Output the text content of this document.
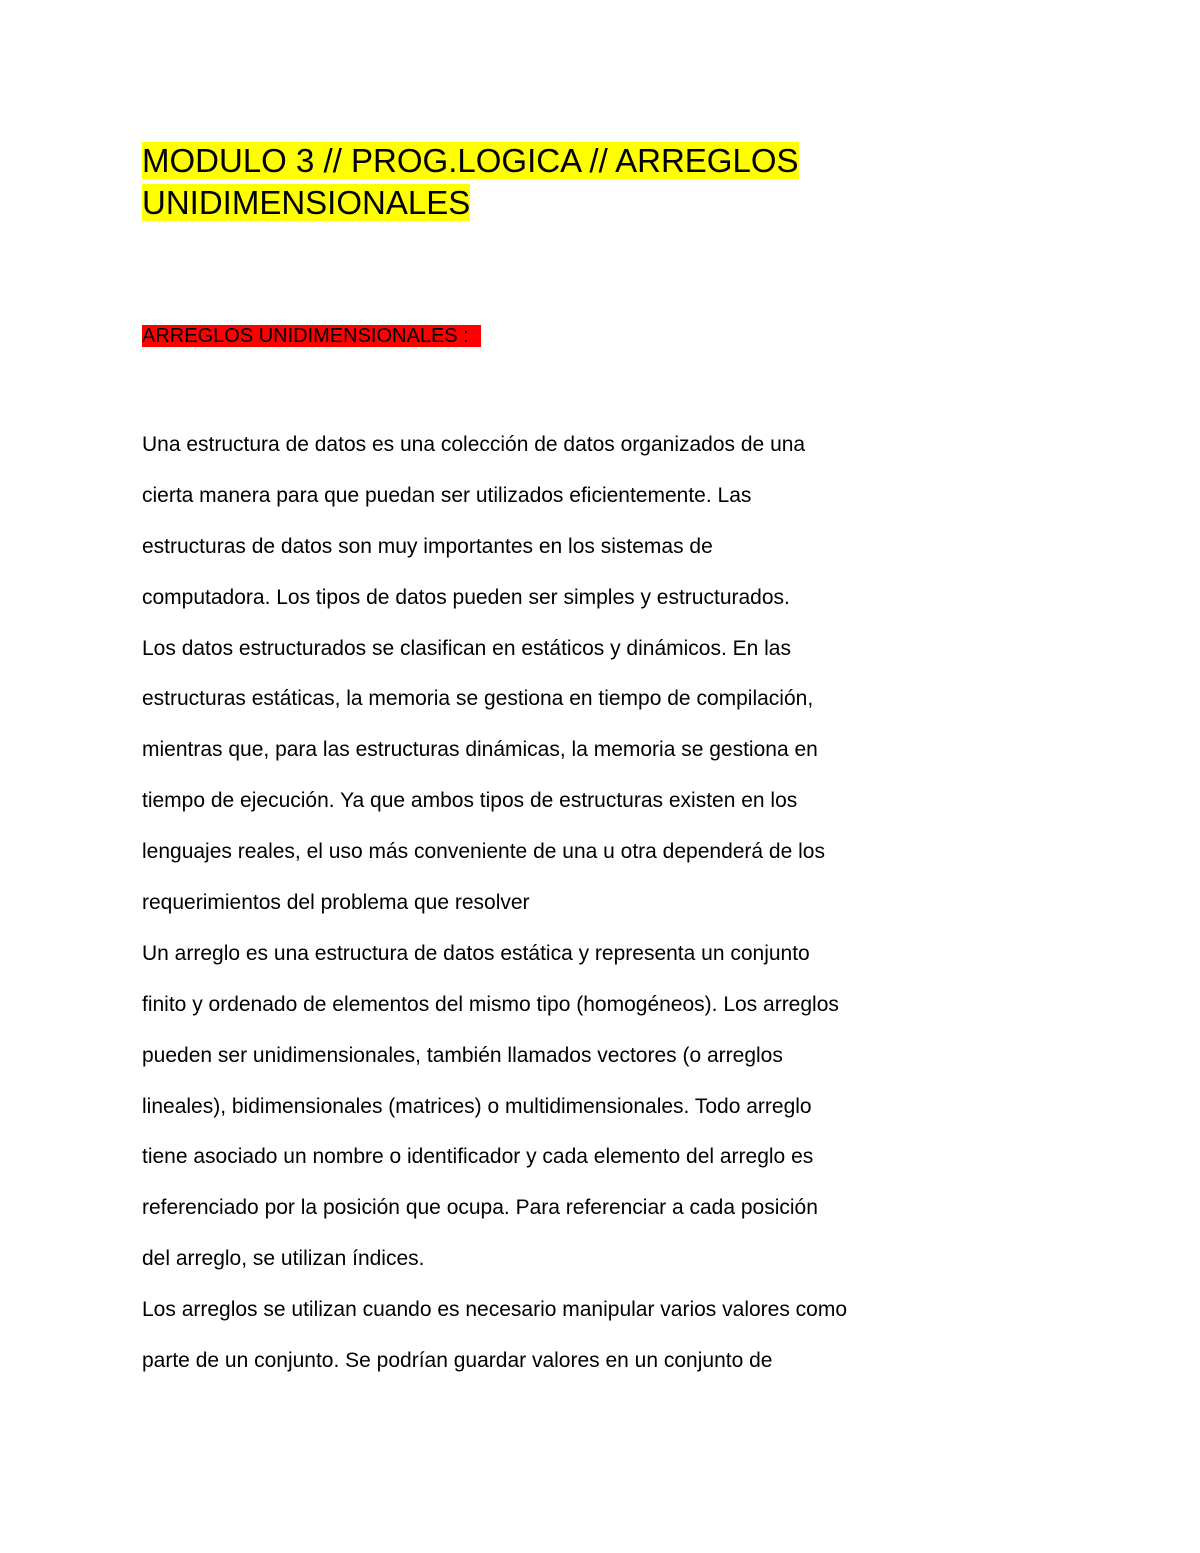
MODULO 3 // PROG.LOGICA // ARREGLOS
UNIDIMENSIONALES
ARREGLOS UNIDIMENSIONALES :
Una estructura de datos es una colección de datos organizados de una
cierta manera para que puedan ser utilizados eficientemente. Las
estructuras de datos son muy importantes en los sistemas de
computadora. Los tipos de datos pueden ser simples y estructurados.
Los datos estructurados se clasifican en estáticos y dinámicos. En las
estructuras estáticas, la memoria se gestiona en tiempo de compilación,
mientras que, para las estructuras dinámicas, la memoria se gestiona en
tiempo de ejecución. Ya que ambos tipos de estructuras existen en los
lenguajes reales, el uso más conveniente de una u otra dependerá de los
requerimientos del problema que resolver
Un arreglo es una estructura de datos estática y representa un conjunto
finito y ordenado de elementos del mismo tipo (homogéneos). Los arreglos
pueden ser unidimensionales, también llamados vectores (o arreglos
lineales), bidimensionales (matrices) o multidimensionales. Todo arreglo
tiene asociado un nombre o identificador y cada elemento del arreglo es
referenciado por la posición que ocupa. Para referenciar a cada posición
del arreglo, se utilizan índices.
Los arreglos se utilizan cuando es necesario manipular varios valores como
parte de un conjunto. Se podrían guardar valores en un conjunto de
